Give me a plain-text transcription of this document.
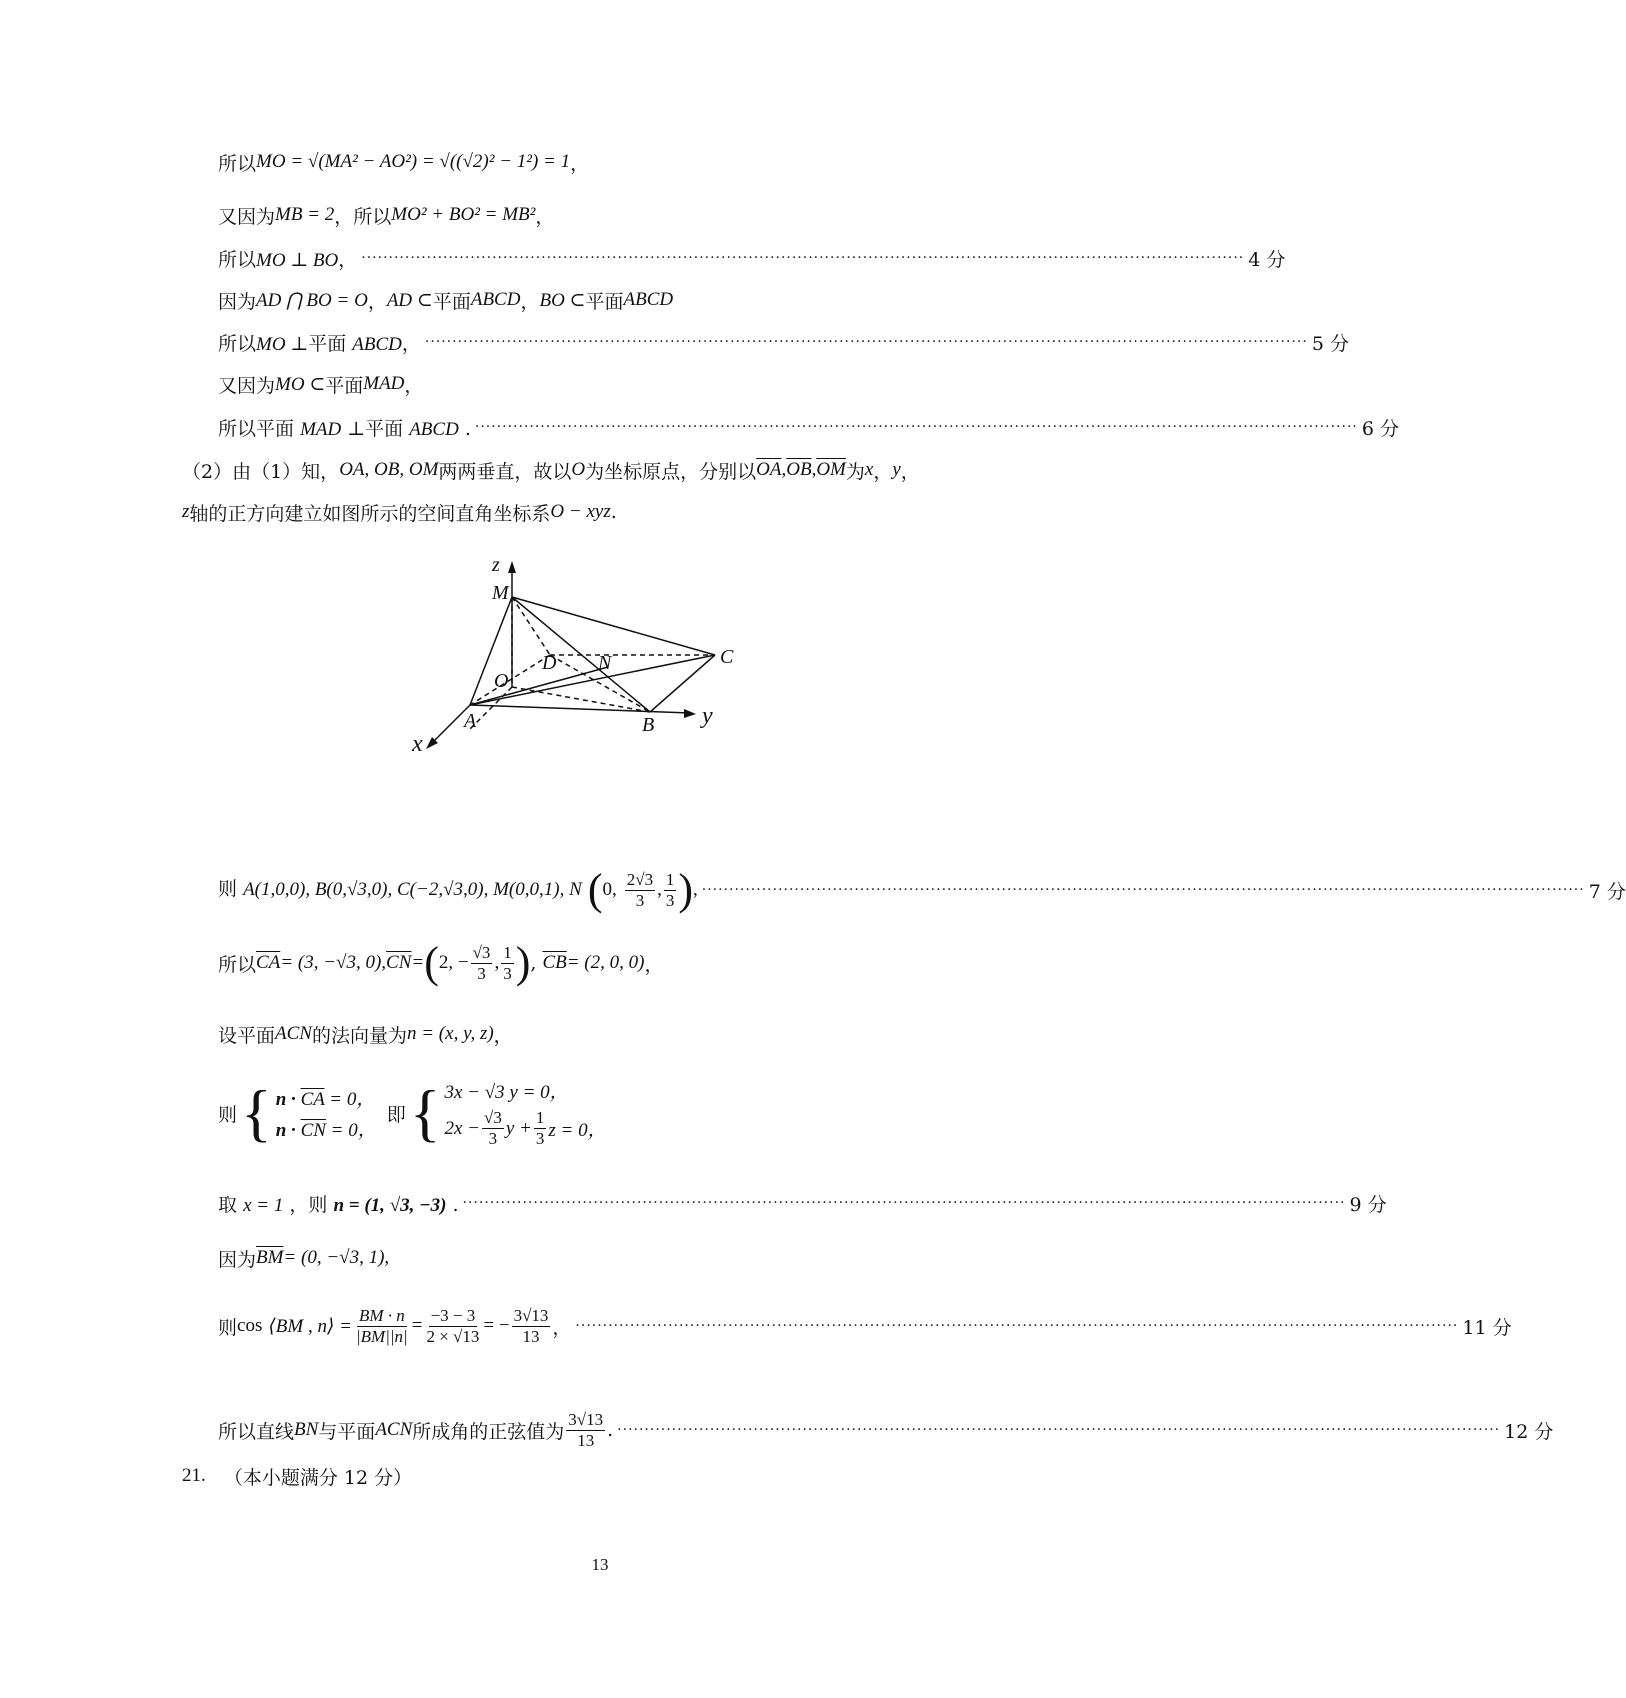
所以 MO = √(MA² − AO²) = √((√2)² − 1²) = 1 ，
又因为 MB = 2 ，所以 MO² + BO² = MB² ，
所以MO ⊥ BO， ·····	4 分
因为 AD ⋂ BO = O ， AD ⊂ 平面 ABCD ， BO ⊂ 平面 ABCD
所以MO ⊥平面 ABCD， ·····	5 分
又因为 MO ⊂ 平面 MAD ，
所以平面 MAD ⊥平面 ABCD . ·····	6 分
（2）由（1）知， OA, OB, OM 两两垂直，故以 O 为坐标原点，分别以 $\overline{OA}$ , $\overline{OB}$ , $\overline{OM}$ 为 x ， y ，
z 轴的正方向建立如图所示的空间直角坐标系 O − xyz .
z
y
x
M
D N	C
O
A	B
则 A(1,0,0), B(0,√3,0), C(−2,√3,0), M(0,0,1), N (0, $\frac{2√3}{3}$ , $\frac{1}{3}$ ), ·····	7 分
所以 $\overline{CA} = (3$, −√3, 0), $\overline{CN}$ = ( 2, − $\frac{√3}{3}$ , $\frac{1}{3}$ ) , $\overline{CB} = (2$, 0, 0) ，
设平面 ACN 的法向量为 n = (x, y, z) ，
则 { $n \cdot \overline{CA} = 0$，
$n \cdot \overline{CN} = 0$，
即 { 3x − √3 y = 0，
$2x - \frac{√3}{3}$ $y + \frac{1}{3}$ z = 0，
取 x = 1 ，则 n = (1, √3, −3) . ·····	9 分
因为 $\overline{BM} = (0$, −√3, 1),
则 cos
⟨BM , n⟩ = $\frac{BM \cdot n}{|BM||n|} = \frac{-3 - 3}{2 \times √13}$ = − $\frac{3√13}{13}$ ， ·····	11 分
所以直线 BN 与平面 ACN 所成角的正弦值为 $\frac{3√13}{13}$ . ·····	12 分
21.
（本小题满分 12 分）
13
